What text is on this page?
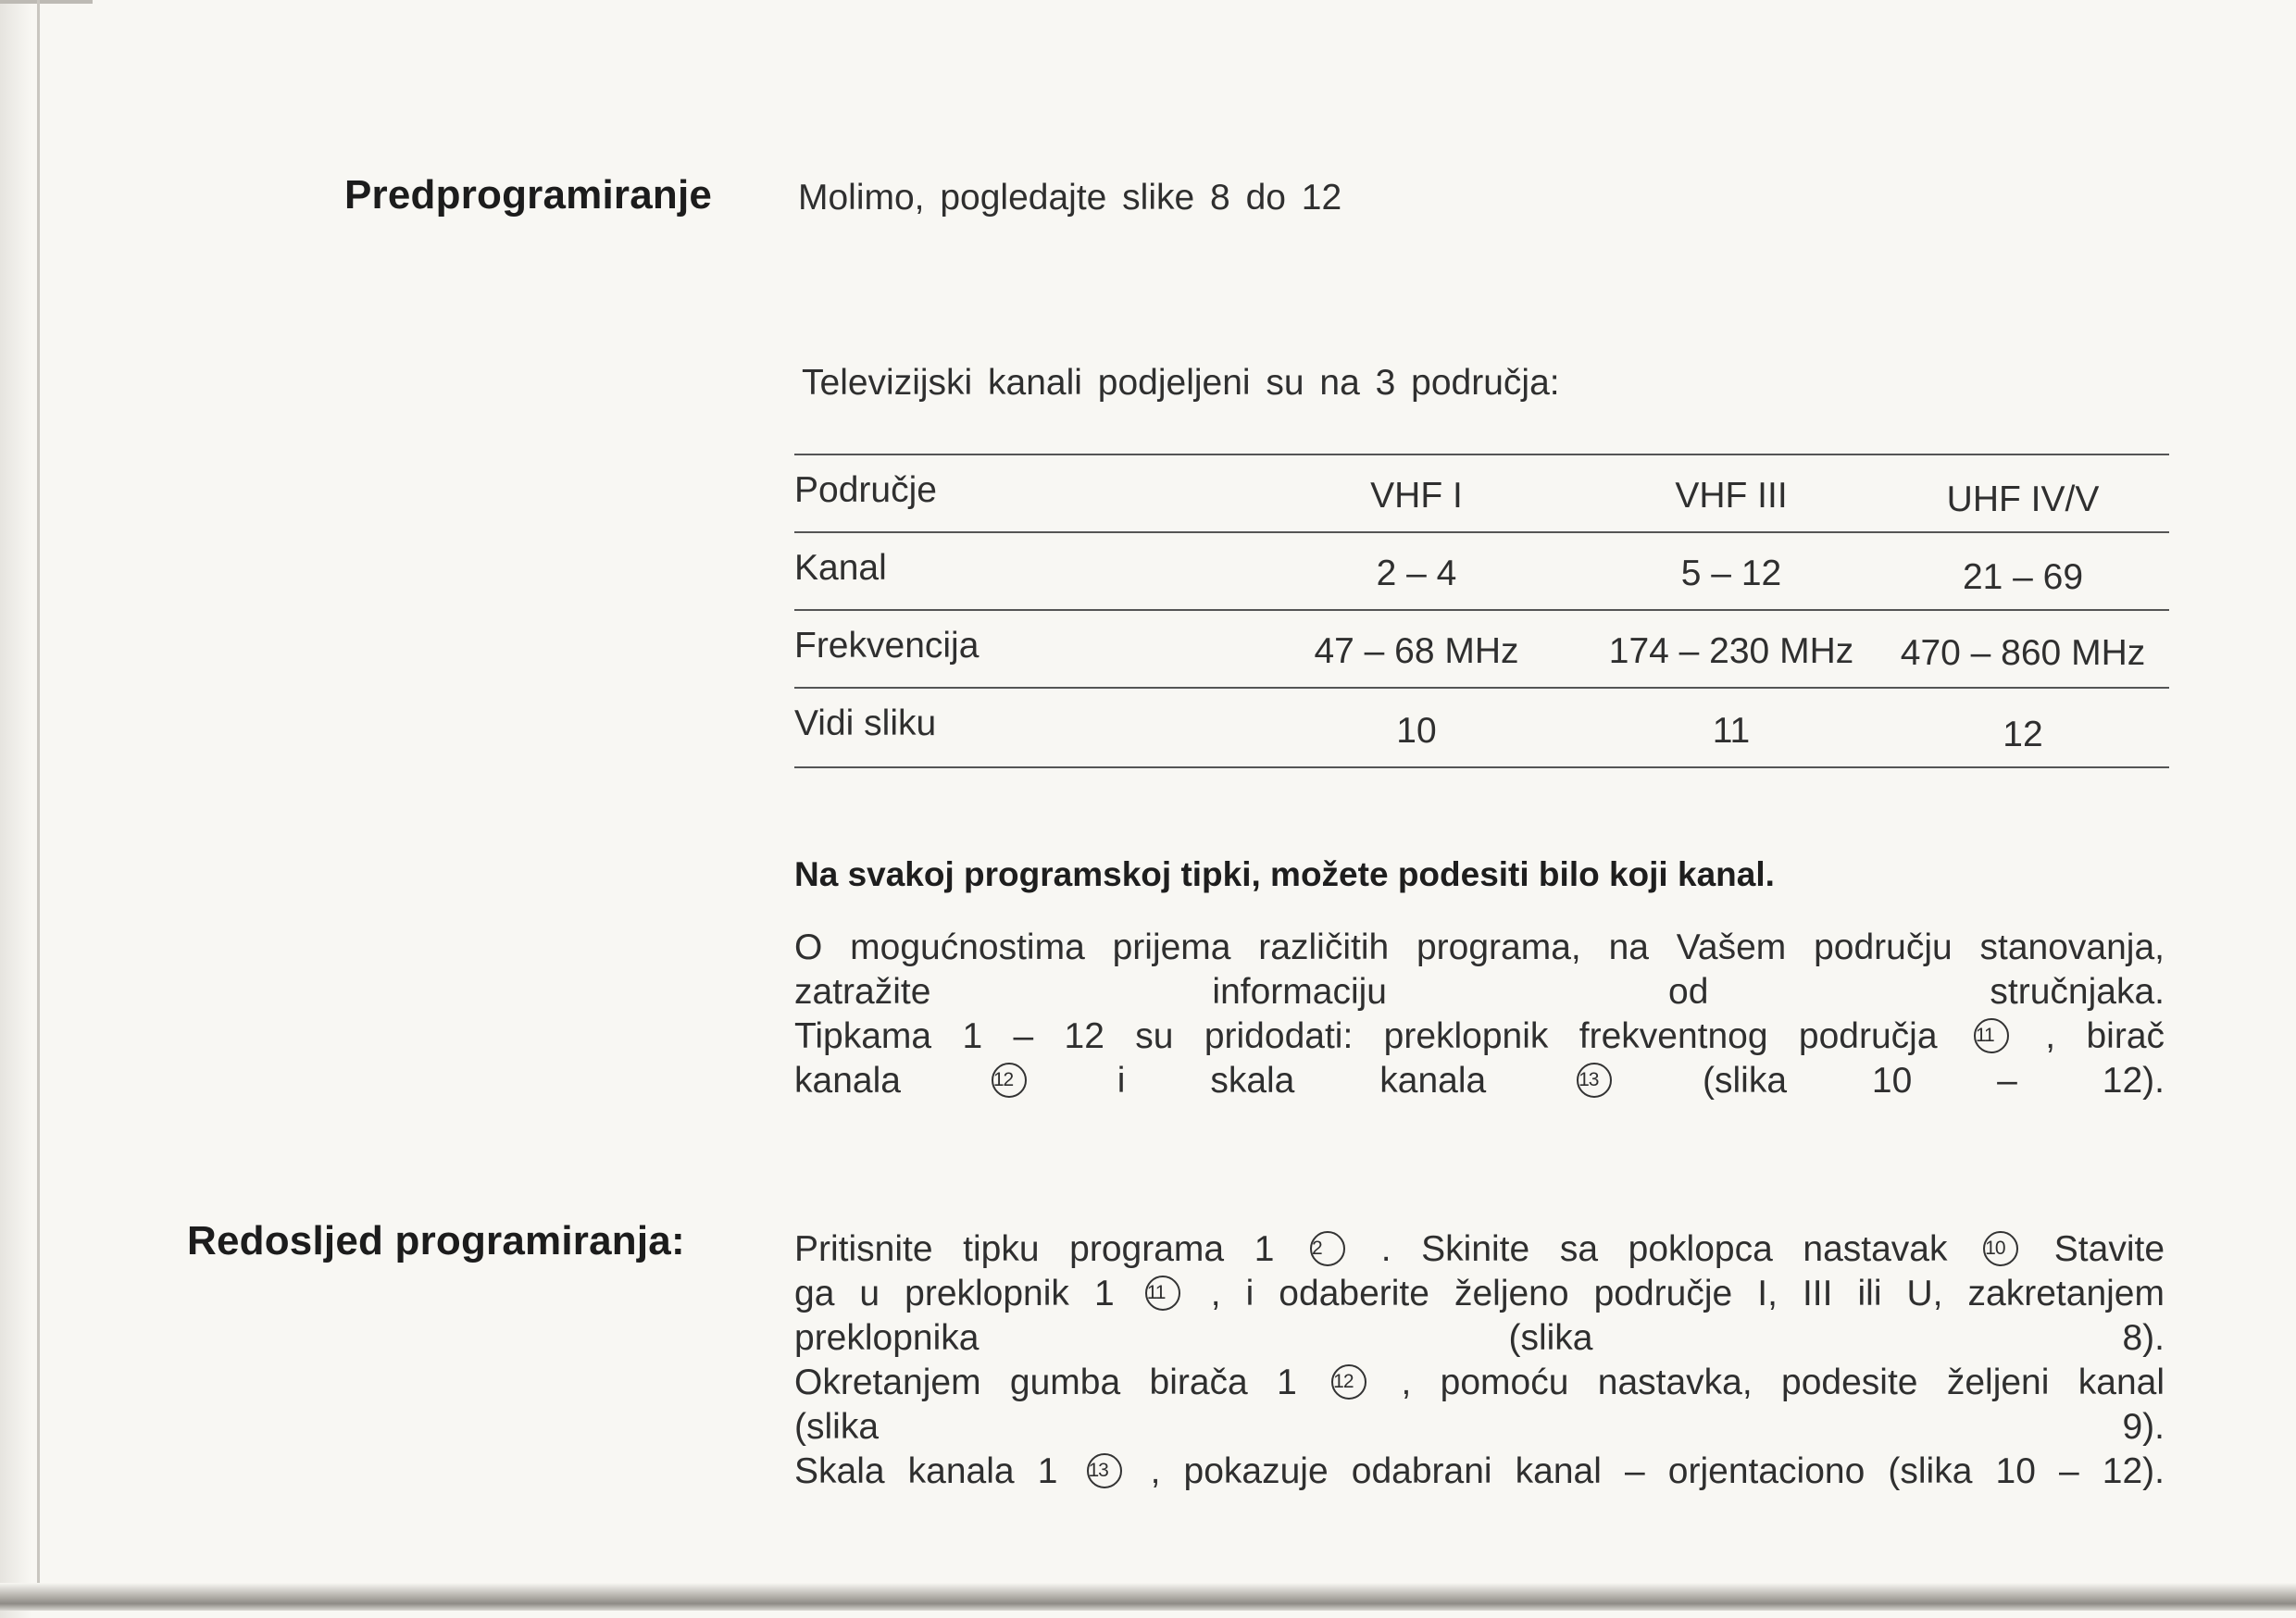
Predprogramiranje Molimo, pogledajte slike 8 do 12
Televizijski kanali podjeljeni su na 3 područja:
Područje	VHF I	VHF III	UHF IV/V
Kanal	2 – 4	5 – 12	21 – 69
Frekvencija	47 – 68 MHz	174 – 230 MHz	470 – 860 MHz
Vidi sliku	10	11	12
Na svakoj programskoj tipki, možete podesiti bilo koji kanal.
O mogućnostima prijema različitih programa, na Vašem području stanovanja,
zatražite informaciju od stručnjaka.
Tipkama 1 – 12 su pridodati: preklopnik frekventnog područja 11 , birač
kanala	12	i skala kanala	13	(slika 10 – 12).
Redosljed programiranja:	Pritisnite tipku programa 1 2 . Skinite sa poklopca nastavak 10 Stavite
ga u preklopnik 1 11 , i odaberite željeno područje I, III ili U, zakretanjem
preklopnika (slika 8).
Okretanjem gumba birača 1 12 , pomoću nastavka, podesite željeni kanal
(slika 9).
Skala kanala 1 13 , pokazuje odabrani kanal – orjentaciono (slika 10 – 12).
